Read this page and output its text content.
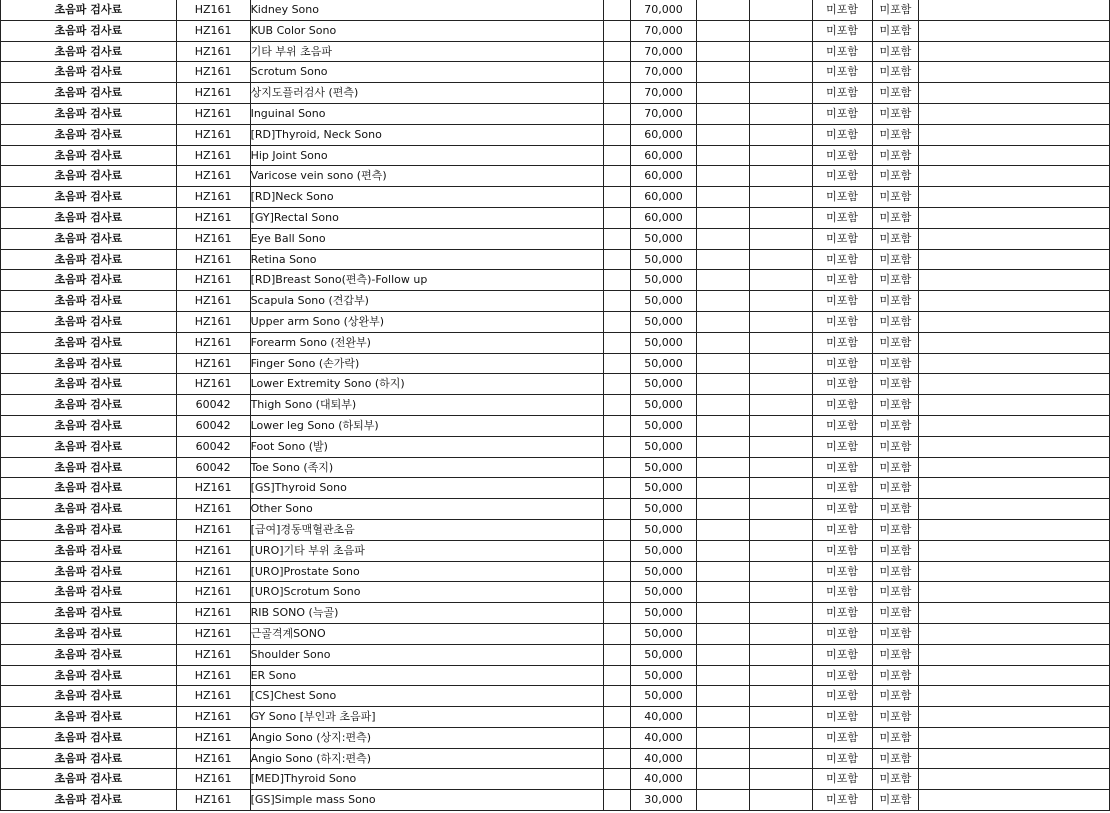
초음파 검사료	HZ161	Kidney Sono		70,000			미포함	미포함	
초음파 검사료	HZ161	KUB Color Sono		70,000			미포함	미포함	
초음파 검사료	HZ161	기타 부위 초음파		70,000			미포함	미포함	
초음파 검사료	HZ161	Scrotum Sono		70,000			미포함	미포함	
초음파 검사료	HZ161	상지도플러검사 (편측)		70,000			미포함	미포함	
초음파 검사료	HZ161	Inguinal Sono		70,000			미포함	미포함	
초음파 검사료	HZ161	[RD]Thyroid, Neck Sono		60,000			미포함	미포함	
초음파 검사료	HZ161	Hip Joint Sono		60,000			미포함	미포함	
초음파 검사료	HZ161	Varicose vein sono (편측)		60,000			미포함	미포함	
초음파 검사료	HZ161	[RD]Neck Sono		60,000			미포함	미포함	
초음파 검사료	HZ161	[GY]Rectal Sono		60,000			미포함	미포함	
초음파 검사료	HZ161	Eye Ball Sono		50,000			미포함	미포함	
초음파 검사료	HZ161	Retina Sono		50,000			미포함	미포함	
초음파 검사료	HZ161	[RD]Breast Sono(편측)-Follow up		50,000			미포함	미포함	
초음파 검사료	HZ161	Scapula Sono (견갑부)		50,000			미포함	미포함	
초음파 검사료	HZ161	Upper arm Sono (상완부)		50,000			미포함	미포함	
초음파 검사료	HZ161	Forearm Sono (전완부)		50,000			미포함	미포함	
초음파 검사료	HZ161	Finger Sono (손가락)		50,000			미포함	미포함	
초음파 검사료	HZ161	Lower Extremity Sono (하지)		50,000			미포함	미포함	
초음파 검사료	60042	Thigh Sono (대퇴부)		50,000			미포함	미포함	
초음파 검사료	60042	Lower leg Sono (하퇴부)		50,000			미포함	미포함	
초음파 검사료	60042	Foot Sono (발)		50,000			미포함	미포함	
초음파 검사료	60042	Toe Sono (족지)		50,000			미포함	미포함	
초음파 검사료	HZ161	[GS]Thyroid Sono		50,000			미포함	미포함	
초음파 검사료	HZ161	Other Sono		50,000			미포함	미포함	
초음파 검사료	HZ161	[급여]경동맥혈관초음		50,000			미포함	미포함	
초음파 검사료	HZ161	[URO]기타 부위 초음파		50,000			미포함	미포함	
초음파 검사료	HZ161	[URO]Prostate Sono		50,000			미포함	미포함	
초음파 검사료	HZ161	[URO]Scrotum Sono		50,000			미포함	미포함	
초음파 검사료	HZ161	RIB SONO (늑골)		50,000			미포함	미포함	
초음파 검사료	HZ161	근골격계SONO		50,000			미포함	미포함	
초음파 검사료	HZ161	Shoulder Sono		50,000			미포함	미포함	
초음파 검사료	HZ161	ER Sono		50,000			미포함	미포함	
초음파 검사료	HZ161	[CS]Chest Sono		50,000			미포함	미포함	
초음파 검사료	HZ161	GY Sono [부인과 초음파]		40,000			미포함	미포함	
초음파 검사료	HZ161	Angio Sono (상지:편측)		40,000			미포함	미포함	
초음파 검사료	HZ161	Angio Sono (하지:편측)		40,000			미포함	미포함	
초음파 검사료	HZ161	[MED]Thyroid Sono		40,000			미포함	미포함	
초음파 검사료	HZ161	[GS]Simple mass Sono		30,000			미포함	미포함	
